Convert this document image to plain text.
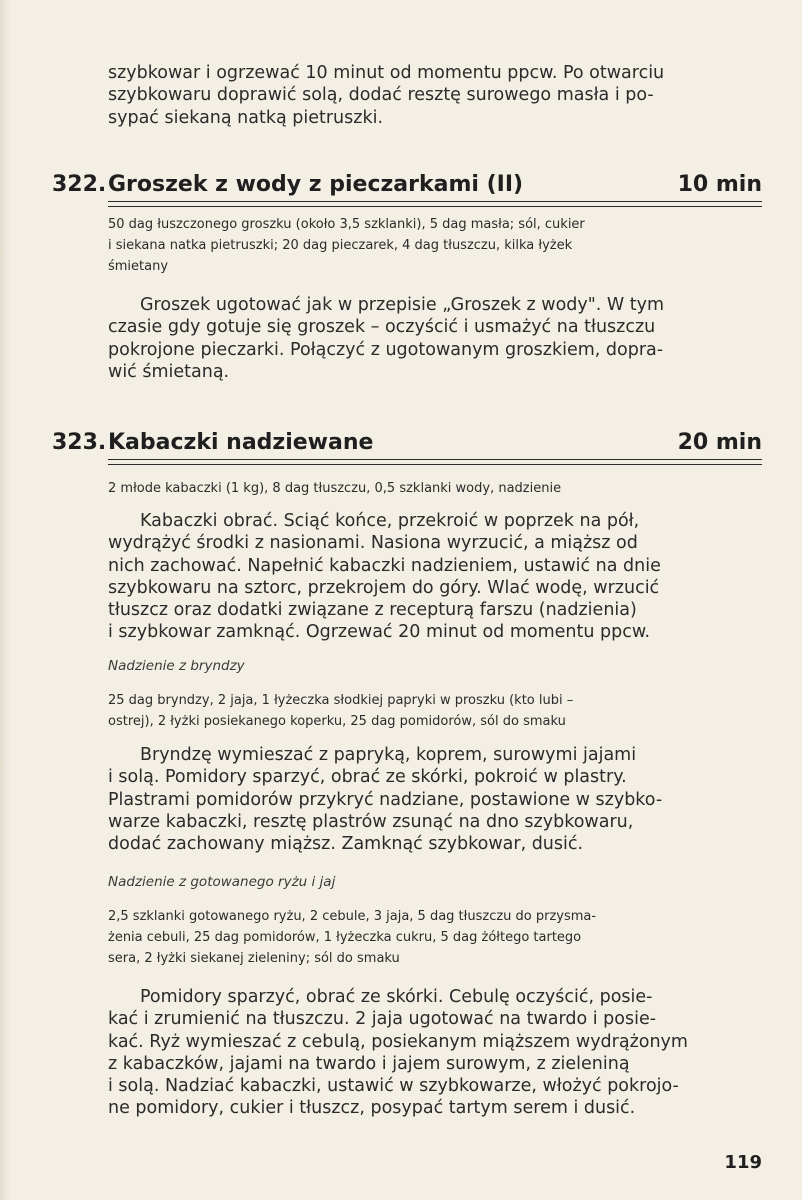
szybkowar i ogrzewać 10 minut od momentu ppcw. Po otwarciu
szybkowaru doprawić solą, dodać resztę surowego masła i po-
sypać siekaną natką pietruszki.

322. Groszek z wody z pieczarkami (II)	10 min

50 dag łuszczonego groszku (około 3,5 szklanki), 5 dag masła; sól, cukier
i siekana natka pietruszki; 20 dag pieczarek, 4 dag tłuszczu, kilka łyżek
śmietany

Groszek ugotować jak w przepisie „Groszek z wody". W tym
czasie gdy gotuje się groszek – oczyścić i usmażyć na tłuszczu
pokrojone pieczarki. Połączyć z ugotowanym groszkiem, dopra-
wić śmietaną.

323. Kabaczki nadziewane	20 min

2 młode kabaczki (1 kg), 8 dag tłuszczu, 0,5 szklanki wody, nadzienie

Kabaczki obrać. Sciąć końce, przekroić w poprzek na pół,
wydrążyć środki z nasionami. Nasiona wyrzucić, a miąższ od
nich zachować. Napełnić kabaczki nadzieniem, ustawić na dnie
szybkowaru na sztorc, przekrojem do góry. Wlać wodę, wrzucić
tłuszcz oraz dodatki związane z recepturą farszu (nadzienia)
i szybkowar zamknąć. Ogrzewać 20 minut od momentu ppcw.

Nadzienie z bryndzy

25 dag bryndzy, 2 jaja, 1 łyżeczka słodkiej papryki w proszku (kto lubi –
ostrej), 2 łyżki posiekanego koperku, 25 dag pomidorów, sól do smaku

Bryndzę wymieszać z papryką, koprem, surowymi jajami
i solą. Pomidory sparzyć, obrać ze skórki, pokroić w plastry.
Plastrami pomidorów przykryć nadziane, postawione w szybko-
warze kabaczki, resztę plastrów zsunąć na dno szybkowaru,
dodać zachowany miąższ. Zamknąć szybkowar, dusić.

Nadzienie z gotowanego ryżu i jaj

2,5 szklanki gotowanego ryżu, 2 cebule, 3 jaja, 5 dag tłuszczu do przysma-
żenia cebuli, 25 dag pomidorów, 1 łyżeczka cukru, 5 dag żółtego tartego
sera, 2 łyżki siekanej zieleniny; sól do smaku

Pomidory sparzyć, obrać ze skórki. Cebulę oczyścić, posie-
kać i zrumienić na tłuszczu. 2 jaja ugotować na twardo i posie-
kać. Ryż wymieszać z cebulą, posiekanym miąższem wydrążonym
z kabaczków, jajami na twardo i jajem surowym, z zieleniną
i solą. Nadziać kabaczki, ustawić w szybkowarze, włożyć pokrojo-
ne pomidory, cukier i tłuszcz, posypać tartym serem i dusić.

119
